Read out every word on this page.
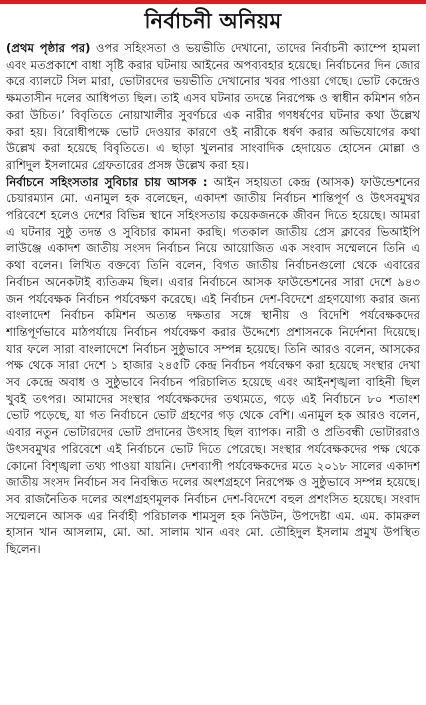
নির্বাচনী অনিয়ম

(প্রথম পৃষ্ঠার পর) ওপর সহিংসতা ও ভয়ভীতি দেখানো, তাদের নির্বাচনী ক্যাম্পে হামলা এবং মতপ্রকাশে বাধা সৃষ্টি করার ঘটনায় আইনের অপব্যবহার হয়েছে। নির্বাচনের দিন জোর করে ব্যালটে সিল মারা, ভোটারদের ভয়ভীতি দেখানোর খবর পাওয়া গেছে। ভোট কেন্দ্রেও ক্ষমতাসীন দলের আধিপত্য ছিল। তাই এসব ঘটনার তদন্তে নিরপেক্ষ ও স্বাধীন কমিশন গঠন করা উচিত।’ বিবৃতিতে নোয়াখালীর সুবর্ণচরে এক নারীর গণধর্ষণের ঘটনার কথা উল্লেখ করা হয়। বিরোধীপক্ষে ভোট দেওয়ার কারণে ওই নারীকে ধর্ষণ করার অভিযোগের কথা উল্লেখ করা হয়েছে বিবৃতিতে। এ ছাড়া খুলনার সাংবাদিক হেদায়েত হোসেন মোল্লা ও রাশিদুল ইসলামের গ্রেফতারের প্রসঙ্গ উল্লেখ করা হয়।

নির্বাচনে সহিংসতার সুবিচার চায় আসক : আইন সহায়তা কেন্দ্র (আসক) ফাউন্ডেশনের চেয়ারম্যান মো. এনামুল হক বলেছেন, একাদশ জাতীয় নির্বাচন শান্তিপূর্ণ ও উৎসবমুখর পরিবেশে হলেও দেশের বিভিন্ন স্থানে সহিংসতায় কয়েকজনকে জীবন দিতে হয়েছে। আমরা এ ঘটনার সুষ্ঠু তদন্ত ও সুবিচার কামনা করছি। গতকাল জাতীয় প্রেস ক্লাবের ভিআইপি লাউঞ্জে একাদশ জাতীয় সংসদ নির্বাচন নিয়ে আয়োজিত এক সংবাদ সম্মেলনে তিনি এ কথা বলেন। লিখিত বক্তব্যে তিনি বলেন, বিগত জাতীয় নির্বাচনগুলো থেকে এবারের নির্বাচন অনেকটাই ব্যতিক্রম ছিল। এবার নির্বাচনে আসক ফাউন্ডেশনের সারা দেশে ৯৪৩ জন পর্যবেক্ষক নির্বাচন পর্যবেক্ষণ করেছে। এই নির্বাচন দেশ-বিদেশে গ্রহণযোগ্য করার জন্য বাংলাদেশ নির্বাচন কমিশন অত্যন্ত দক্ষতার সঙ্গে স্থানীয় ও বিদেশি পর্যবেক্ষকদের শান্তিপূর্ণভাবে মাঠপর্যায়ে নির্বাচন পর্যবেক্ষণ করার উদ্দেশ্যে প্রশাসনকে নির্দেশনা দিয়েছে। যার ফলে সারা বাংলাদেশে নির্বাচন সুষ্ঠুভাবে সম্পন্ন হয়েছে। তিনি আরও বলেন, আসকের পক্ষ থেকে সারা দেশে ১ হাজার ২৪৫টি কেন্দ্র নির্বাচন পর্যবেক্ষণ করা হয়েছে সংস্থার দেখা সব কেন্দ্রে অবাধ ও সুষ্ঠুভাবে নির্বাচন পরিচালিত হয়েছে এবং আইনশৃঙ্খলা বাহিনী ছিল খুবই তৎপর। আমাদের সংস্থার পর্যবেক্ষকদের তথ্যমতে, গড়ে এই নির্বাচনে ৮০ শতাংশ ভোট পড়েছে, যা গত নির্বাচনে ভোট গ্রহণের গড় থেকে বেশি। এনামুল হক আরও বলেন, এবার নতুন ভোটারদের ভোট প্রদানের উৎসাহ ছিল ব্যাপক। নারী ও প্রতিবন্ধী ভোটাররাও উৎসবমুখর পরিবেশে এই নির্বাচনে ভোট দিতে পেরেছে। সংস্থার পর্যবেক্ষকদের পক্ষ থেকে কোনো বিশৃঙ্খলা তথ্য পাওয়া যায়নি। দেশব্যাপী পর্যবেক্ষকদের মতে ২০১৮ সালের একাদশ জাতীয় সংসদ নির্বাচন সব নিবন্ধিত দলের অংশগ্রহণে নিরপেক্ষ ও সুষ্ঠুভাবে সম্পন্ন হয়েছে। সব রাজনৈতিক দলের অংশগ্রহণমূলক নির্বাচন দেশ-বিদেশে বহুল প্রশংসিত হয়েছে। সংবাদ সম্মেলনে আসক এর নির্বাহী পরিচালক শামসুল হক নিউটন, উপদেষ্টা এম. এম. কামরুল হাসান খান আসলাম, মো. আ. সালাম খান এবং মো. তৌহিদুল ইসলাম প্রমুখ উপস্থিত ছিলেন।
